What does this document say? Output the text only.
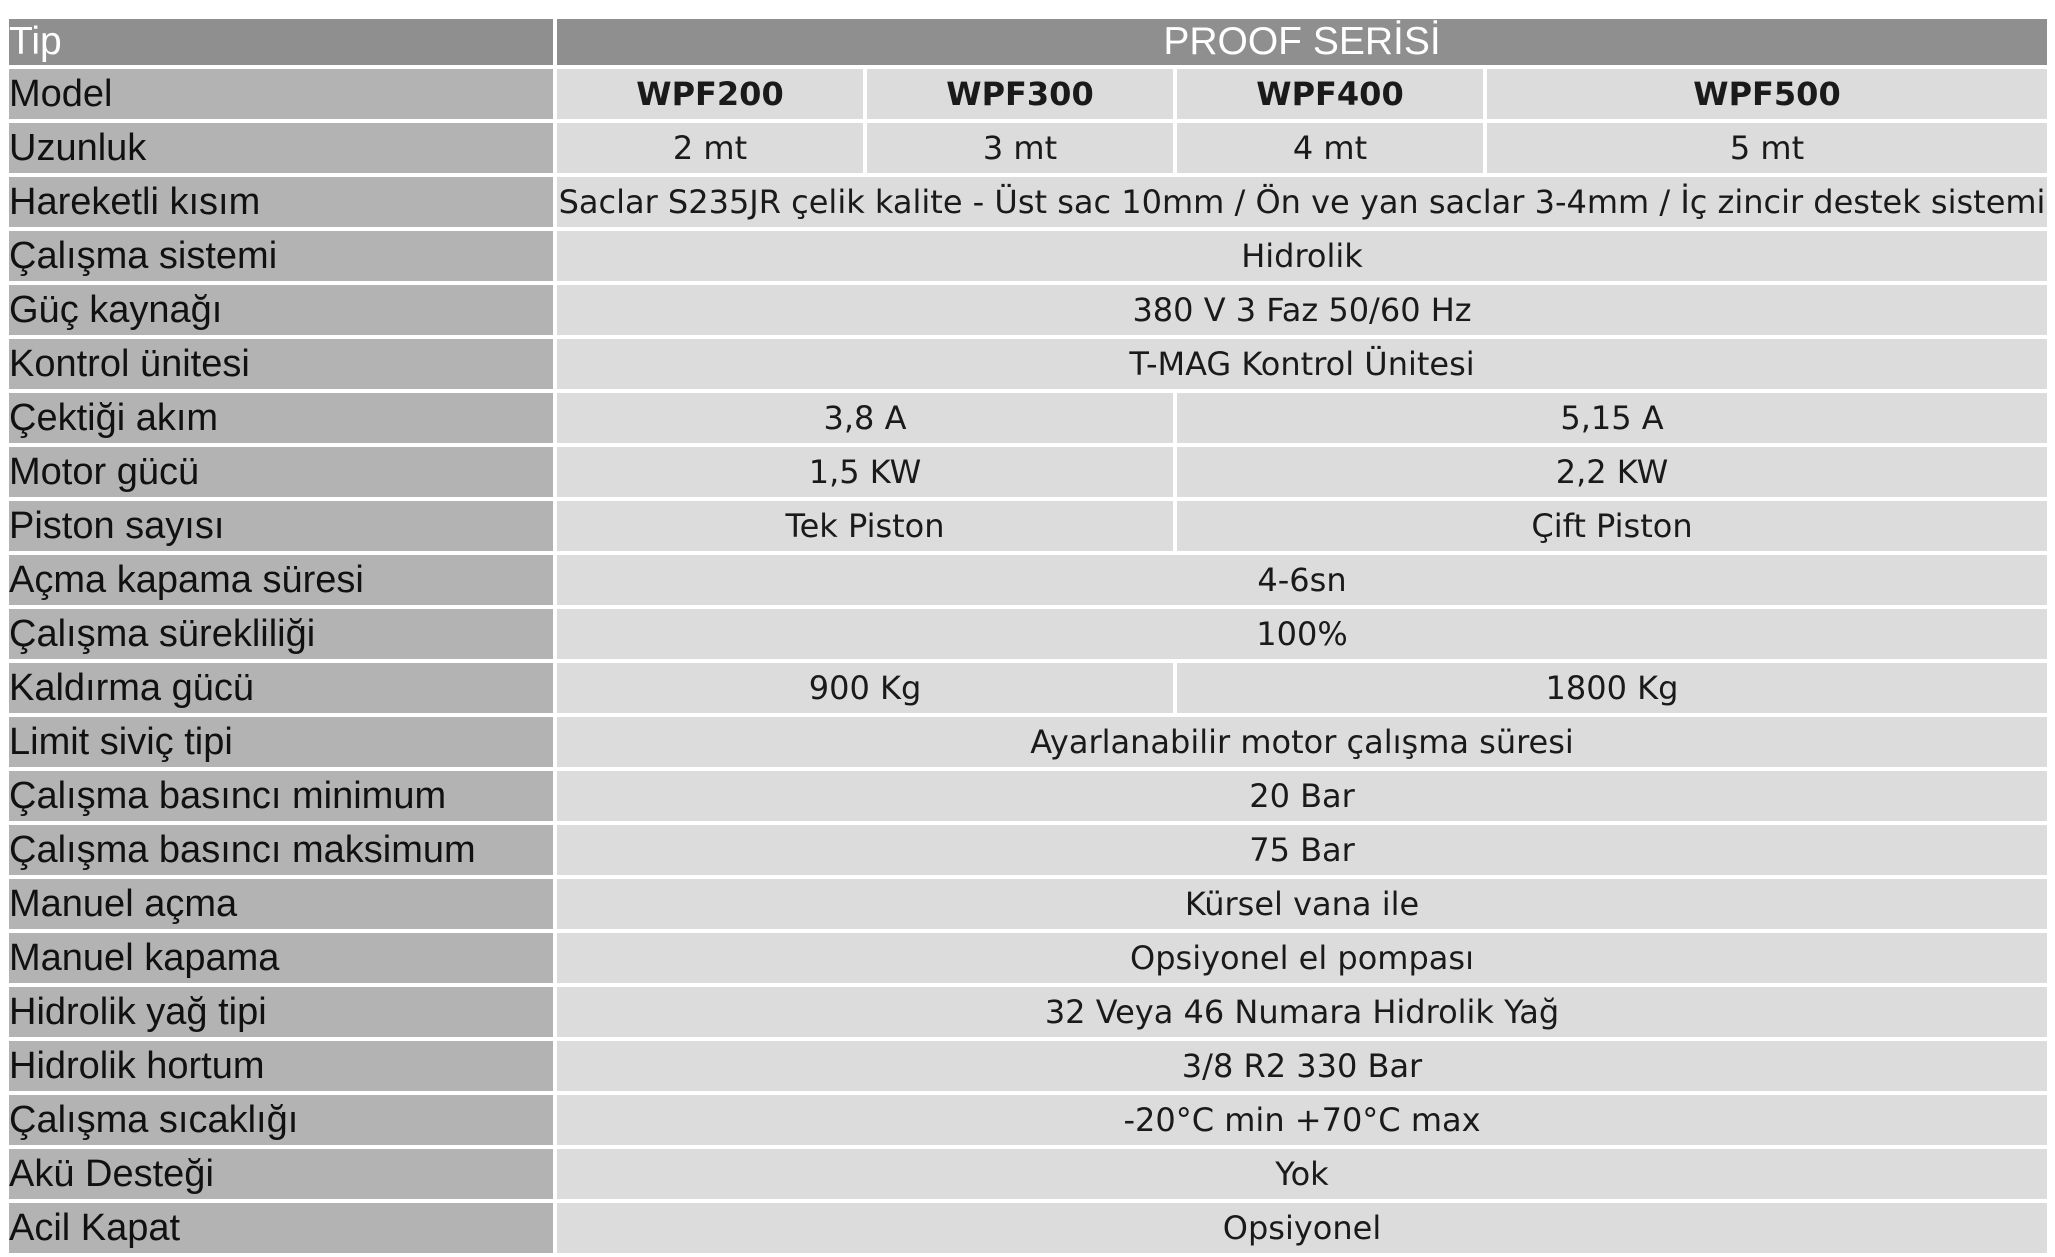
Tip	PROOF SERİSİ			
Model	WPF200	WPF300	WPF400	WPF500
Uzunluk	2 mt	3 mt	4 mt	5 mt
Hareketli kısım	Saclar S235JR çelik kalite - Üst sac 10mm / Ön ve yan saclar 3-4mm / İç zincir destek sistemi			
Çalışma sistemi	Hidrolik			
Güç kaynağı	380 V 3 Faz 50/60 Hz			
Kontrol ünitesi	T-MAG Kontrol Ünitesi			
Çektiği akım	3,8 A		5,15 A	
Motor gücü	1,5 KW		2,2 KW	
Piston sayısı	Tek Piston		Çift Piston	
Açma kapama süresi	4-6sn			
Çalışma sürekliliği	100%			
Kaldırma gücü	900 Kg		1800 Kg	
Limit siviç tipi	Ayarlanabilir motor çalışma süresi			
Çalışma basıncı minimum	20 Bar			
Çalışma basıncı maksimum	75 Bar			
Manuel açma	Kürsel vana ile			
Manuel kapama	Opsiyonel el pompası			
Hidrolik yağ tipi	32 Veya 46 Numara Hidrolik Yağ			
Hidrolik hortum	3/8 R2 330 Bar			
Çalışma sıcaklığı	-20°C min +70°C max			
Akü Desteği	Yok			
Acil Kapat	Opsiyonel			
